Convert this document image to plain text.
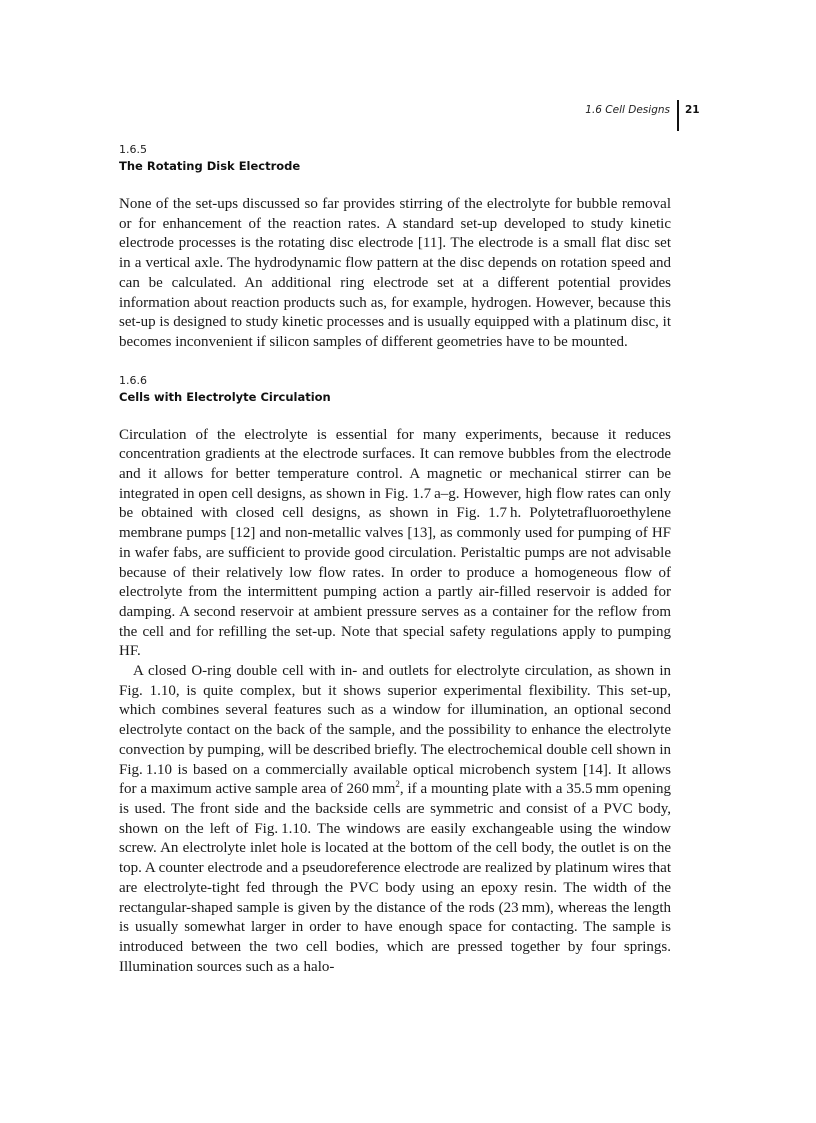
1.6 Cell Designs 21

1.6.5

The Rotating Disk Electrode

None of the set-ups discussed so far provides stirring of the electrolyte for bubble removal or for enhancement of the reaction rates. A standard set-up developed to study kinetic electrode processes is the rotating disc electrode [11]. The electrode is a small flat disc set in a vertical axle. The hydrodynamic flow pattern at the disc depends on rotation speed and can be calculated. An additional ring electrode set at a different potential provides information about reaction products such as, for example, hydrogen. However, because this set-up is designed to study kinetic processes and is usually equipped with a platinum disc, it becomes inconvenient if silicon samples of different geometries have to be mounted.

1.6.6

Cells with Electrolyte Circulation

Circulation of the electrolyte is essential for many experiments, because it reduces concentration gradients at the electrode surfaces. It can remove bubbles from the electrode and it allows for better temperature control. A magnetic or mechanical stirrer can be integrated in open cell designs, as shown in Fig. 1.7 a–g. However, high flow rates can only be obtained with closed cell designs, as shown in Fig. 1.7 h. Polytetrafluoroethylene membrane pumps [12] and non-metallic valves [13], as commonly used for pumping of HF in wafer fabs, are sufficient to provide good circulation. Peristaltic pumps are not advisable because of their relatively low flow rates. In order to produce a homogeneous flow of electrolyte from the intermittent pumping action a partly air-filled reservoir is added for damping. A second reservoir at ambient pressure serves as a container for the reflow from the cell and for refilling the set-up. Note that special safety regulations apply to pumping HF.

A closed O-ring double cell with in- and outlets for electrolyte circulation, as shown in Fig. 1.10, is quite complex, but it shows superior experimental flexibility. This set-up, which combines several features such as a window for illumination, an optional second electrolyte contact on the back of the sample, and the possibility to enhance the electrolyte convection by pumping, will be described briefly. The electrochemical double cell shown in Fig. 1.10 is based on a commercially available optical microbench system [14]. It allows for a maximum active sample area of 260 $mm^2$, if a mounting plate with a 35.5 mm opening is used. The front side and the backside cells are symmetric and consist of a PVC body, shown on the left of Fig. 1.10. The windows are easily exchangeable using the window screw. An electrolyte inlet hole is located at the bottom of the cell body, the outlet is on the top. A counter electrode and a pseudoreference electrode are realized by platinum wires that are electrolyte-tight fed through the PVC body using an epoxy resin. The width of the rectangular-shaped sample is given by the distance of the rods (23 mm), whereas the length is usually somewhat larger in order to have enough space for contacting. The sample is introduced between the two cell bodies, which are pressed together by four springs. Illumination sources such as a halo-
